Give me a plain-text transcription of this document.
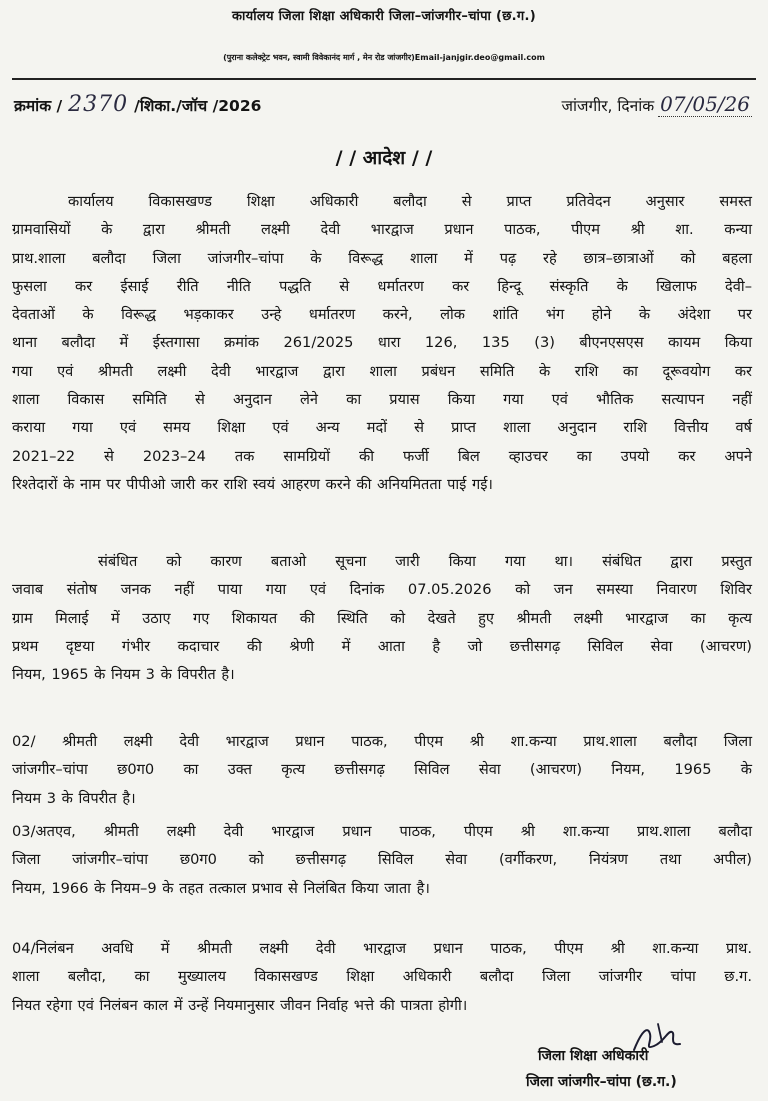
कार्यालय जिला शिक्षा अधिकारी जिला–जांजगीर–चांपा (छ.ग.)
(पुराना कलेक्ट्रेट भवन, स्वामी विवेकानंद मार्ग , मेन रोड जांजगीर)Email-janjgir.deo@gmail.com
क्रमांक / 2370 /शिका./जॉच /2026	जांजगीर, दिनांक 07/05/26
/ / आदेश / /
कार्यालय विकासखण्ड शिक्षा अधिकारी बलौदा से प्राप्त प्रतिवेदन अनुसार समस्त
ग्रामवासियों के द्वारा श्रीमती लक्ष्मी देवी भारद्वाज प्रधान पाठक, पीएम श्री शा. कन्या
प्राथ.शाला बलौदा जिला जांजगीर–चांपा के विरूद्ध शाला में पढ़ रहे छात्र–छात्राओं को बहला
फुसला कर ईसाई रीति नीति पद्धति से धर्मातरण कर हिन्दू संस्कृति के खिलाफ देवी–
देवताओं के विरूद्ध भड़काकर उन्हे धर्मातरण करने, लोक शांति भंग होने के अंदेशा पर
थाना बलौदा में ईस्तगासा क्रमांक 261/2025 धारा 126, 135 (3) बीएनएसएस कायम किया
गया एवं श्रीमती लक्ष्मी देवी भारद्वाज द्वारा शाला प्रबंधन समिति के राशि का दूरूवयोग कर
शाला विकास समिति से अनुदान लेने का प्रयास किया गया एवं भौतिक सत्यापन नहीं
कराया गया एवं समय शिक्षा एवं अन्य मदों से प्राप्त शाला अनुदान राशि वित्तीय वर्ष
2021–22 से 2023–24 तक सामग्रियों की फर्जी बिल व्हाउचर का उपयो कर अपने
रिश्तेदारों के नाम पर पीपीओ जारी कर राशि स्वयं आहरण करने की अनियमितता पाई गई।
संबंधित को कारण बताओ सूचना जारी किया गया था। संबंधित द्वारा प्रस्तुत
जवाब संतोष जनक नहीं पाया गया एवं दिनांक 07.05.2026 को जन समस्या निवारण शिविर
ग्राम मिलाई में उठाए गए शिकायत की स्थिति को देखते हुए श्रीमती लक्ष्मी भारद्वाज का कृत्य
प्रथम दृष्टया गंभीर कदाचार की श्रेणी में आता है जो छत्तीसगढ़ सिविल सेवा (आचरण)
नियम, 1965 के नियम 3 के विपरीत है।
02/ श्रीमती लक्ष्मी देवी भारद्वाज प्रधान पाठक, पीएम श्री शा.कन्या प्राथ.शाला बलौदा जिला
जांजगीर–चांपा छ0ग0 का उक्त कृत्य छत्तीसगढ़ सिविल सेवा (आचरण) नियम, 1965 के
नियम 3 के विपरीत है।
03/अतएव, श्रीमती लक्ष्मी देवी भारद्वाज प्रधान पाठक, पीएम श्री शा.कन्या प्राथ.शाला बलौदा
जिला जांजगीर–चांपा छ0ग0 को छत्तीसगढ़ सिविल सेवा (वर्गीकरण, नियंत्रण तथा अपील)
नियम, 1966 के नियम–9 के तहत तत्काल प्रभाव से निलंबित किया जाता है।
04/निलंबन अवधि में श्रीमती लक्ष्मी देवी भारद्वाज प्रधान पाठक, पीएम श्री शा.कन्या प्राथ.
शाला बलौदा, का मुख्यालय विकासखण्ड शिक्षा अधिकारी बलौदा जिला जांजगीर चांपा छ.ग.
नियत रहेगा एवं निलंबन काल में उन्हें नियमानुसार जीवन निर्वाह भत्ते की पात्रता होगी।
जिला शिक्षा अधिकारी
जिला जांजगीर–चांपा (छ.ग.)
